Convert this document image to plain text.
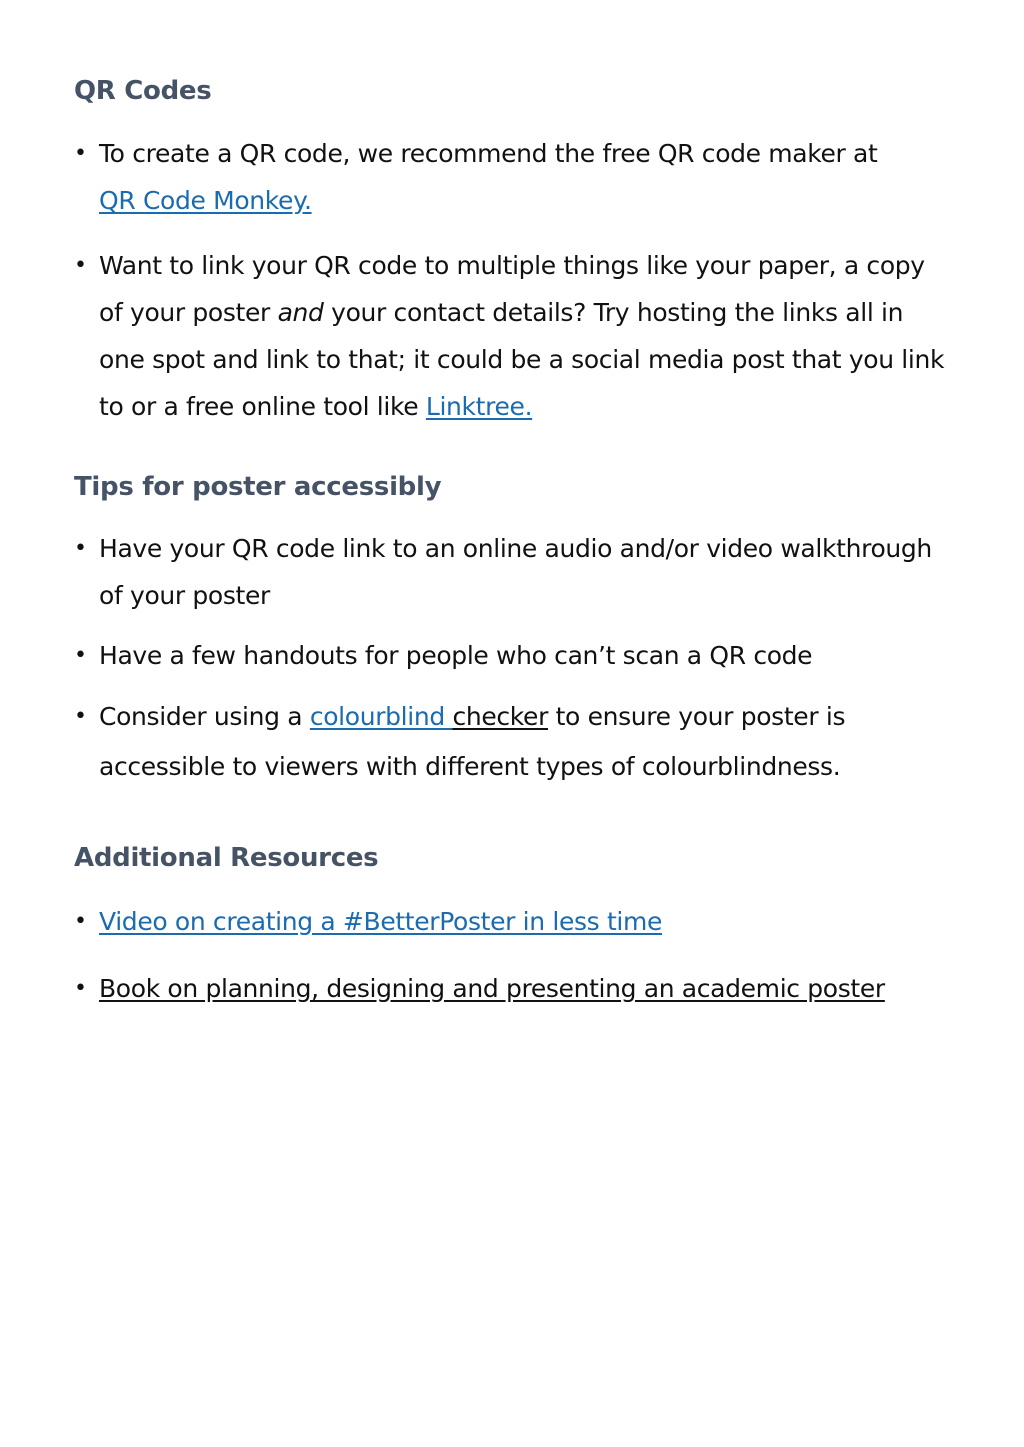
QR Codes
• To create a QR code, we recommend the free QR code maker at
QR Code Monkey.
• Want to link your QR code to multiple things like your paper, a copy of your poster and your contact details? Try hosting the links all in one spot and link to that; it could be a social media post that you link to or a free online tool like Linktree.
Tips for poster accessibly
• Have your QR code link to an online audio and/or video walkthrough of your poster
• Have a few handouts for people who can’t scan a QR code
• Consider using a colourblind checker to ensure your poster is accessible to viewers with different types of colourblindness.
Additional Resources
• Video on creating a #BetterPoster in less time
• Book on planning, designing and presenting an academic poster
